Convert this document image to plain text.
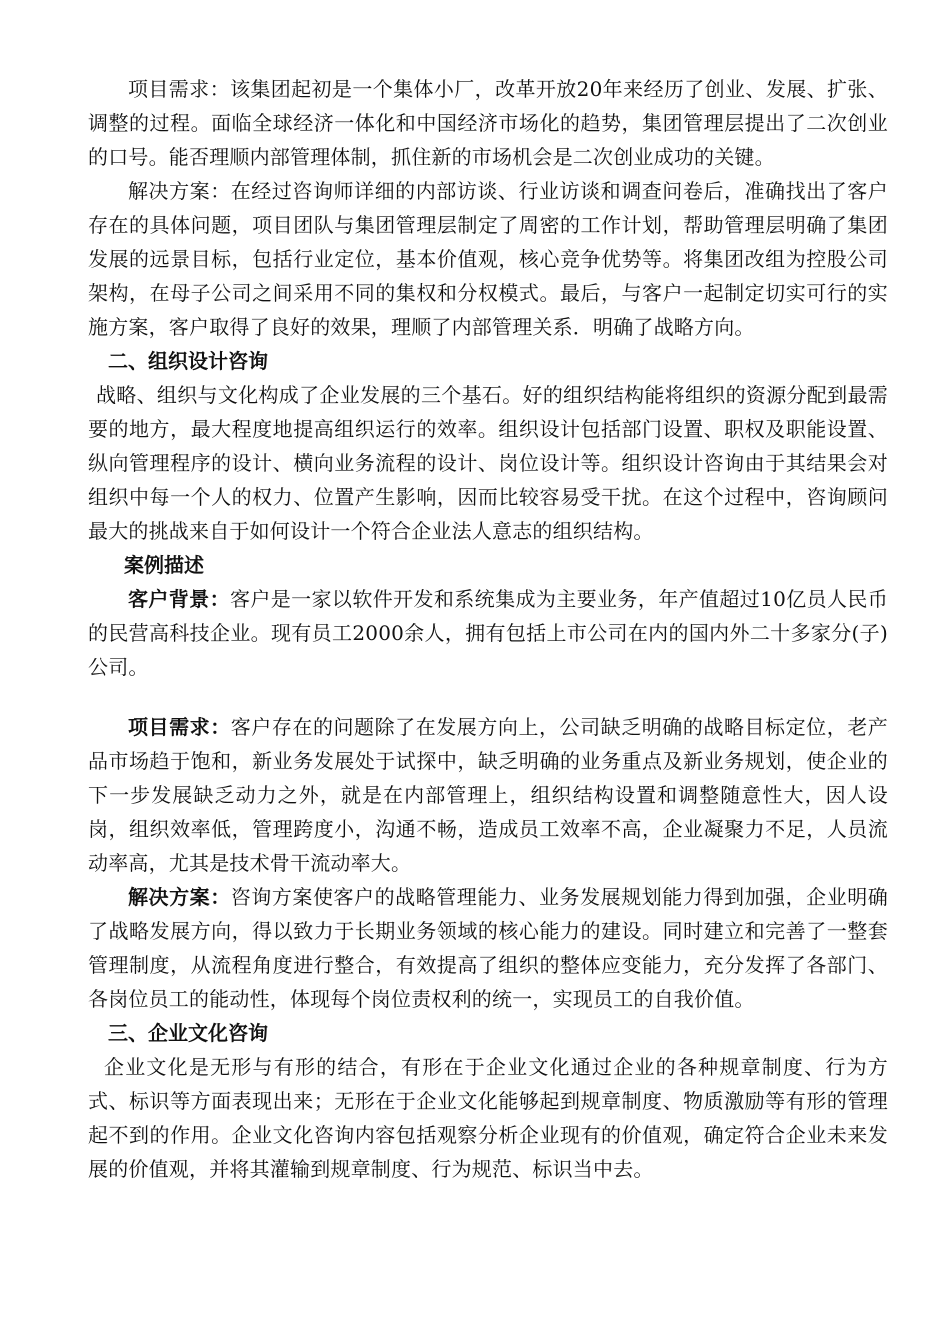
项目需求：该集团起初是一个集体小厂，改革开放20年来经历了创业、发展、扩张、调整的过程。面临全球经济一体化和中国经济市场化的趋势，集团管理层提出了二次创业的口号。能否理顺内部管理体制，抓住新的市场机会是二次创业成功的关键。

解决方案：在经过咨询师详细的内部访谈、行业访谈和调查问卷后，准确找出了客户存在的具体问题，项目团队与集团管理层制定了周密的工作计划，帮助管理层明确了集团发展的远景目标，包括行业定位，基本价值观，核心竞争优势等。将集团改组为控股公司架构，在母子公司之间采用不同的集权和分权模式。最后，与客户一起制定切实可行的实施方案，客户取得了良好的效果，理顺了内部管理关系．明确了战略方向。

二、组织设计咨询

战略、组织与文化构成了企业发展的三个基石。好的组织结构能将组织的资源分配到最需要的地方，最大程度地提高组织运行的效率。组织设计包括部门设置、职权及职能设置、纵向管理程序的设计、横向业务流程的设计、岗位设计等。组织设计咨询由于其结果会对组织中每一个人的权力、位置产生影响，因而比较容易受干扰。在这个过程中，咨询顾问最大的挑战来自于如何设计一个符合企业法人意志的组织结构。

案例描述

客户背景：客户是一家以软件开发和系统集成为主要业务，年产值超过10亿员人民币的民营高科技企业。现有员工2000余人，拥有包括上市公司在内的国内外二十多家分(子)公司。

项目需求：客户存在的问题除了在发展方向上，公司缺乏明确的战略目标定位，老产品市场趋于饱和，新业务发展处于试探中，缺乏明确的业务重点及新业务规划，使企业的下一步发展缺乏动力之外，就是在内部管理上，组织结构设置和调整随意性大，因人设岗，组织效率低，管理跨度小，沟通不畅，造成员工效率不高，企业凝聚力不足，人员流动率高，尤其是技术骨干流动率大。

解决方案：咨询方案使客户的战略管理能力、业务发展规划能力得到加强，企业明确了战略发展方向，得以致力于长期业务领域的核心能力的建设。同时建立和完善了一整套管理制度，从流程角度进行整合，有效提高了组织的整体应变能力，充分发挥了各部门、各岗位员工的能动性，体现每个岗位责权利的统一，实现员工的自我价值。

三、企业文化咨询

企业文化是无形与有形的结合，有形在于企业文化通过企业的各种规章制度、行为方式、标识等方面表现出来；无形在于企业文化能够起到规章制度、物质激励等有形的管理起不到的作用。企业文化咨询内容包括观察分析企业现有的价值观，确定符合企业未来发展的价值观，并将其灌输到规章制度、行为规范、标识当中去。
